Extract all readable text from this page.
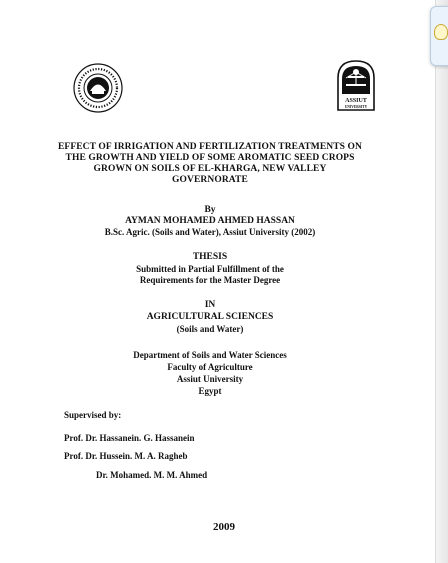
ASSIUT
UNIVERSITY
EFFECT OF IRRIGATION AND FERTILIZATION TREATMENTS ON
THE GROWTH AND YIELD OF SOME AROMATIC SEED CROPS
GROWN ON SOILS OF EL-KHARGA, NEW VALLEY
GOVERNORATE
By
AYMAN MOHAMED AHMED HASSAN
B.Sc. Agric. (Soils and Water), Assiut University (2002)
THESIS
Submitted in Partial Fulfillment of the
Requirements for the Master Degree
IN
AGRICULTURAL SCIENCES
(Soils and Water)
Department of Soils and Water Sciences
Faculty of Agriculture
Assiut University
Egypt
Supervised by:
Prof. Dr. Hassanein. G. Hassanein
Prof. Dr. Hussein. M. A. Ragheb
Dr. Mohamed. M. M. Ahmed
2009
